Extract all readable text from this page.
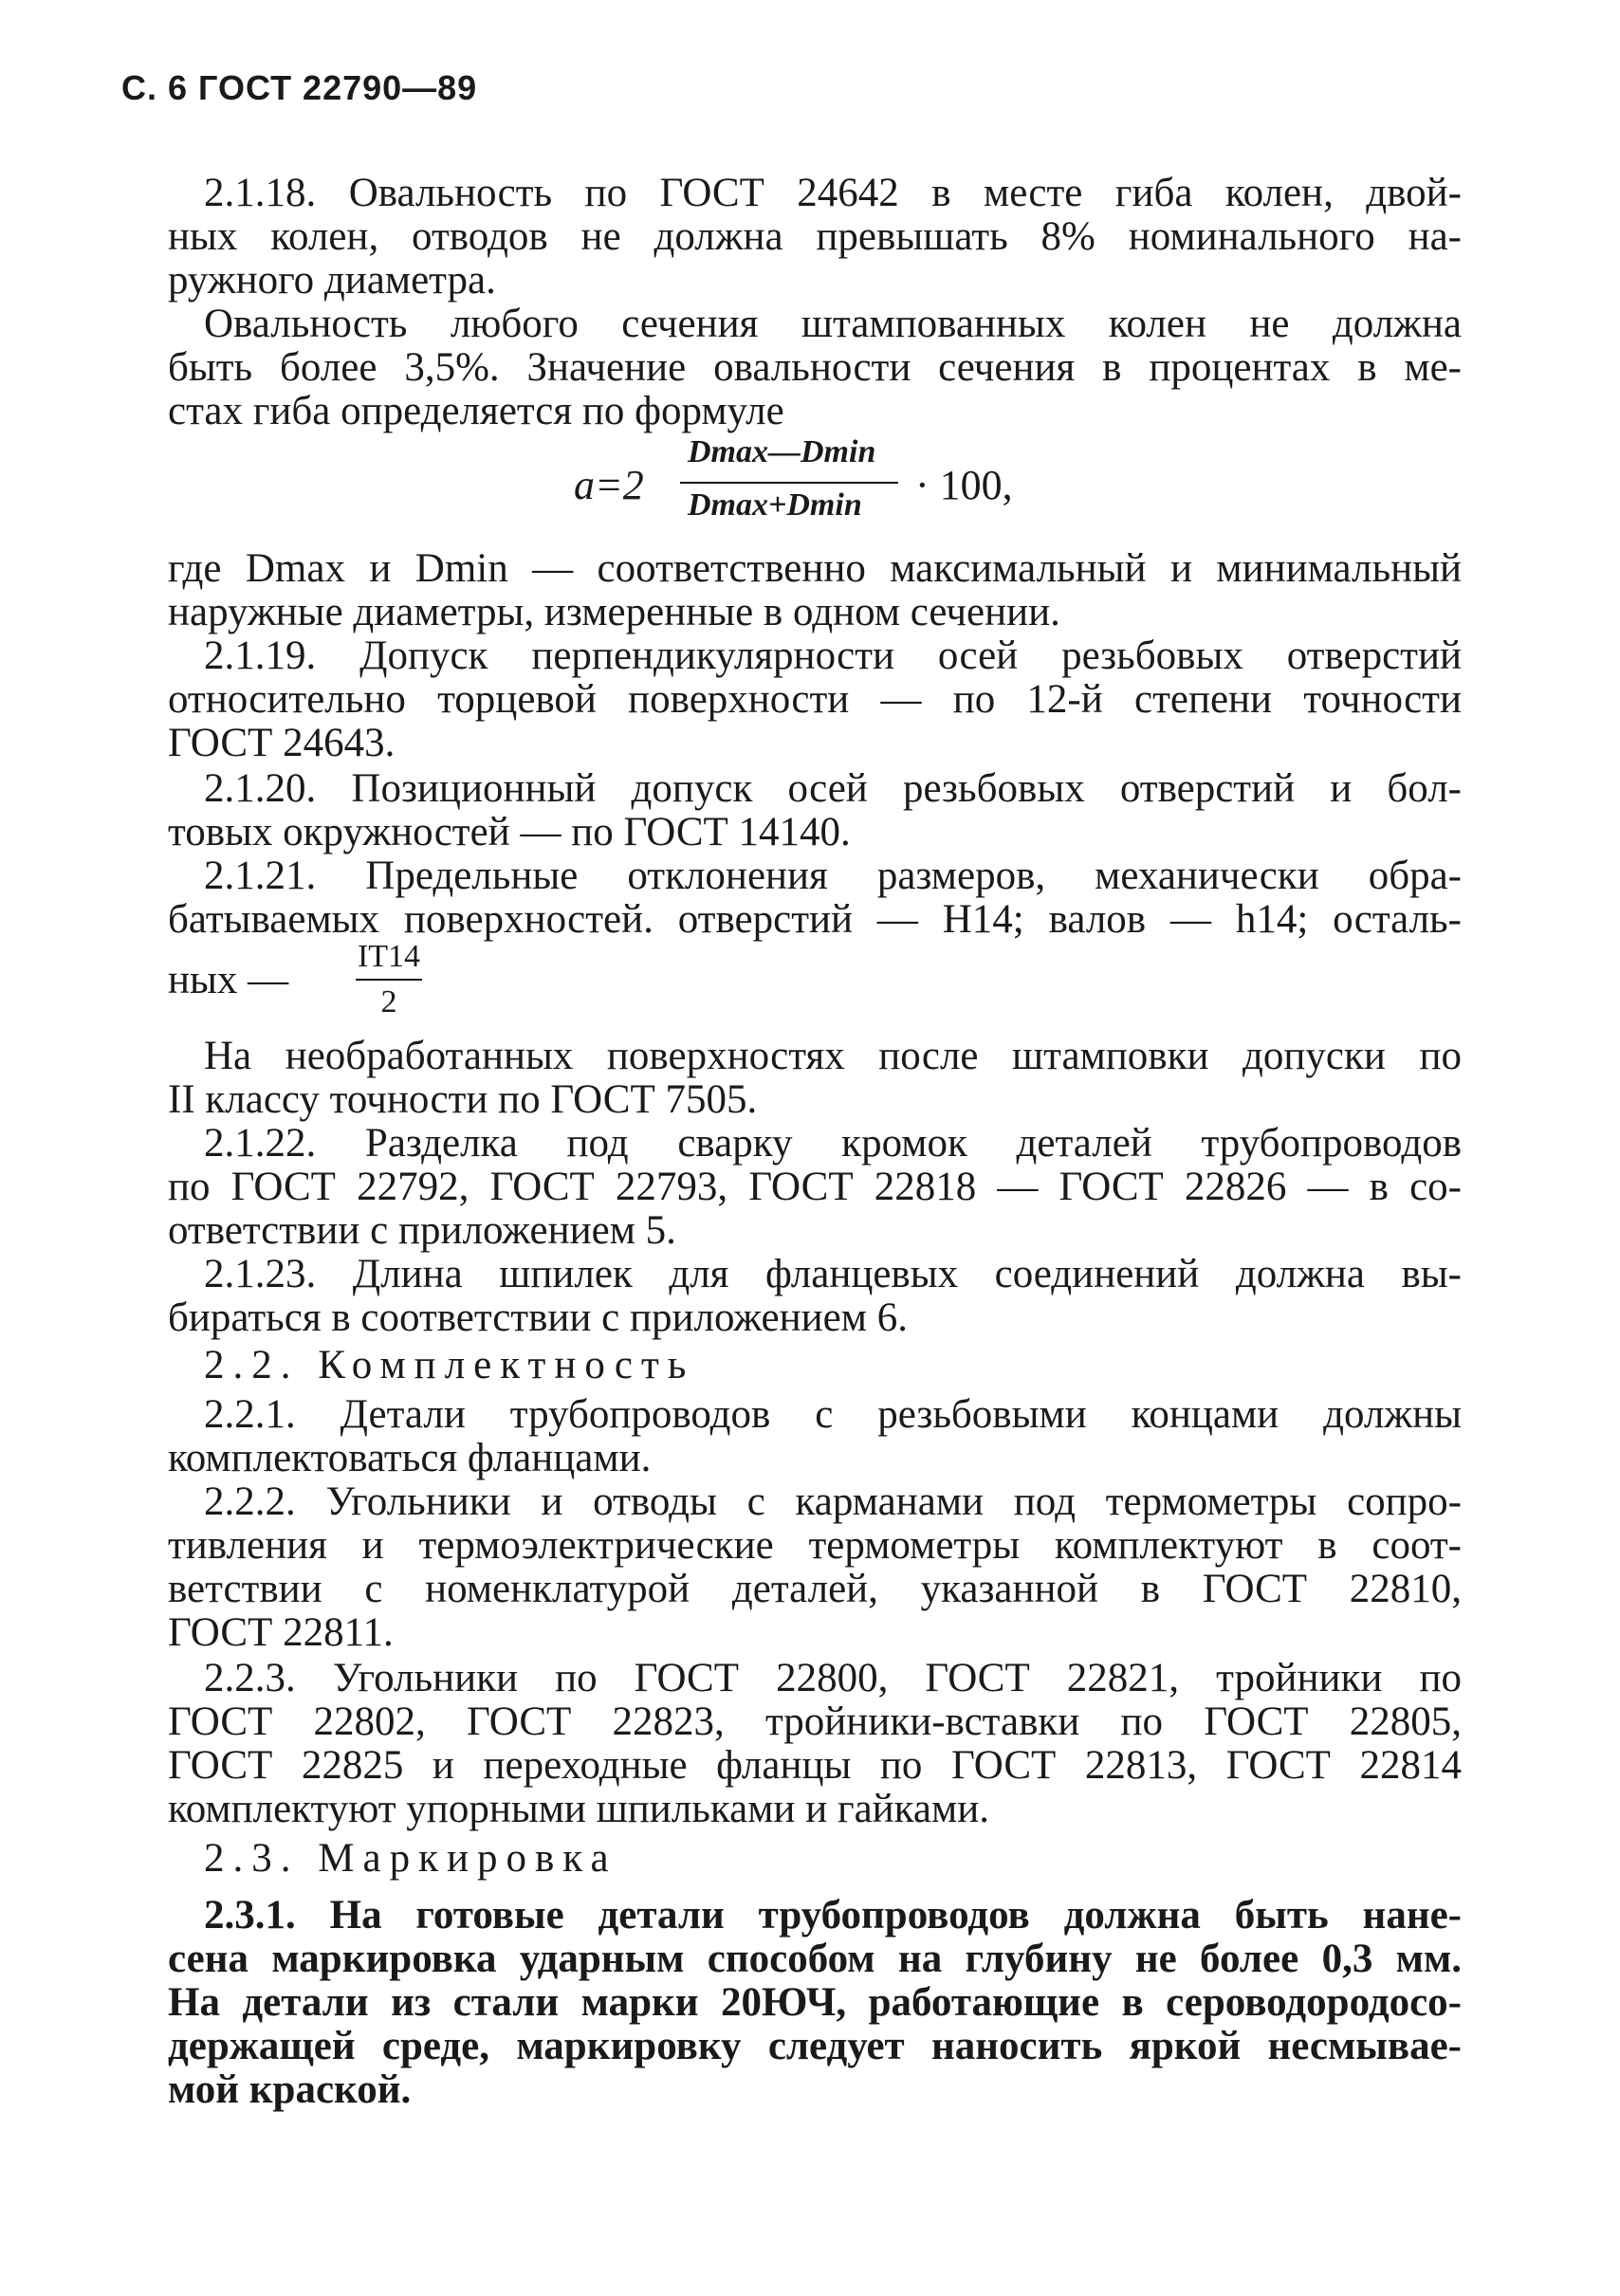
С. 6 ГОСТ 22790—89
2.1.18. Овальность по ГОСТ 24642 в месте гиба колен, двой-
ных колен, отводов не должна превышать 8% номинального на-
ружного диаметра.
Овальность любого сечения штампованных колен не должна
быть более 3,5%. Значение овальности сечения в процентах в ме-
стах гиба определяется по формуле
a=2
Dmax—Dmin
Dmax+Dmin · 100,
где Dmax и Dmin — соответственно максимальный и минимальный
наружные диаметры, измеренные в одном сечении.
2.1.19. Допуск перпендикулярности осей резьбовых отверстий
относительно торцевой поверхности — по 12-й степени точности
ГОСТ 24643.
2.1.20. Позиционный допуск осей резьбовых отверстий и бол-
товых окружностей — по ГОСТ 14140.
2.1.21. Предельные отклонения размеров, механически обра-
батываемых поверхностей. отверстий — H14; валов — h14; осталь-
ных —
IT14
2
На необработанных поверхностях после штамповки допуски по
II классу точности по ГОСТ 7505.
2.1.22. Разделка под сварку кромок деталей трубопроводов
по ГОСТ 22792, ГОСТ 22793, ГОСТ 22818 — ГОСТ 22826 — в со-
ответствии с приложением 5.
2.1.23. Длина шпилек для фланцевых соединений должна вы-
бираться в соответствии с приложением 6.
2.2. Комплектность
2.2.1. Детали трубопроводов с резьбовыми концами должны
комплектоваться фланцами.
2.2.2. Угольники и отводы с карманами под термометры сопро-
тивления и термоэлектрические термометры комплектуют в соот-
ветствии с номенклатурой деталей, указанной в ГОСТ 22810,
ГОСТ 22811.
2.2.3. Угольники по ГОСТ 22800, ГОСТ 22821, тройники по
ГОСТ 22802, ГОСТ 22823, тройники-вставки по ГОСТ 22805,
ГОСТ 22825 и переходные фланцы по ГОСТ 22813, ГОСТ 22814
комплектуют упорными шпильками и гайками.
2.3. Маркировка
2.3.1. На готовые детали трубопроводов должна быть нане-
сена маркировка ударным способом на глубину не более 0,3 мм.
На детали из стали марки 20ЮЧ, работающие в сероводородосо-
держащей среде, маркировку следует наносить яркой несмывае-
мой краской.
